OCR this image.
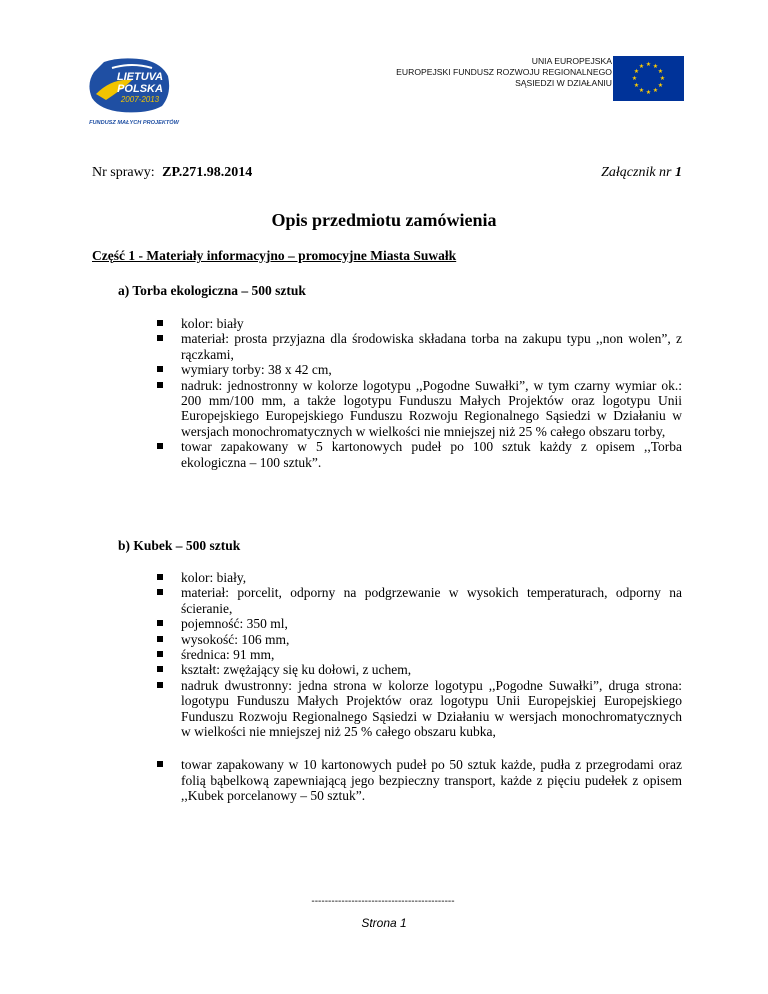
LIETUVA
POLSKA
2007-2013
FUNDUSZ MAŁYCH PROJEKTÓW
UNIA EUROPEJSKA
EUROPEJSKI FUNDUSZ ROZWOJU REGIONALNEGO
SĄSIEDZI W DZIAŁANIU
★ ★
★
★
★
★
★
★
★
★
★
★
Nr sprawy: ZP.271.98.2014	Załącznik nr 1
Opis przedmiotu zamówienia
Część 1 - Materiały informacyjno – promocyjne Miasta Suwałk
a) Torba ekologiczna – 500 sztuk
kolor: biały
materiał: prosta przyjazna dla środowiska składana torba na zakupu typu ,,non wolen”, z rączkami,
wymiary torby: 38 x 42 cm,
nadruk: jednostronny w kolorze logotypu ,,Pogodne Suwałki”, w tym czarny wymiar ok.: 200 mm/100 mm, a także logotypu Funduszu Małych Projektów oraz logotypu Unii Europejskiego Europejskiego Funduszu Rozwoju Regionalnego Sąsiedzi w Działaniu w wersjach monochromatycznych w wielkości nie mniejszej niż 25 % całego obszaru torby,
towar zapakowany w 5 kartonowych pudeł po 100 sztuk każdy z opisem ,,Torba ekologiczna – 100 sztuk”.
b) Kubek – 500 sztuk
kolor: biały,
materiał: porcelit, odporny na podgrzewanie w wysokich temperaturach, odporny na ścieranie,
pojemność: 350 ml,
wysokość: 106 mm,
średnica: 91 mm,
kształt: zwężający się ku dołowi, z uchem,
nadruk dwustronny: jedna strona w kolorze logotypu ,,Pogodne Suwałki”, druga strona: logotypu Funduszu Małych Projektów oraz logotypu Unii Europejskiej Europejskiego Funduszu Rozwoju Regionalnego Sąsiedzi w Działaniu w wersjach monochromatycznych w wielkości nie mniejszej niż 25 % całego obszaru kubka,
towar zapakowany w 10 kartonowych pudeł po 50 sztuk każde, pudła z przegrodami oraz folią bąbelkową zapewniającą jego bezpieczny transport, każde z pięciu pudełek z opisem ,,Kubek porcelanowy – 50 sztuk”.
-------------------------------------------
Strona 1
